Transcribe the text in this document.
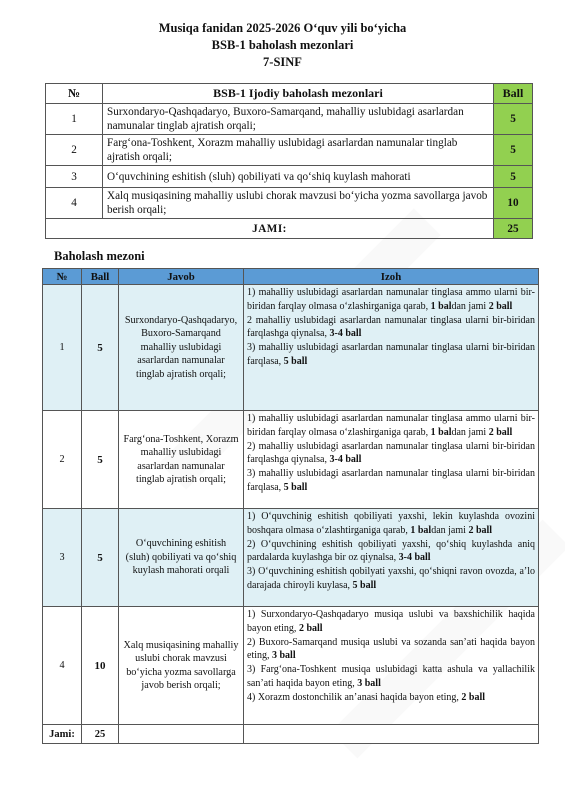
Musiqa fanidan 2025-2026 Oʻquv yili boʻyicha
BSB-1 baholash mezonlari
7-SINF
№	BSB-1 Ijodiy baholash mezonlari	Ball
1	Surxondaryo-Qashqadaryo, Buxoro-Samarqand, mahalliy uslubidagi asarlardan namunalar tinglab ajratish orqali;	5
2	Fargʻona-Toshkent, Xorazm mahalliy uslubidagi asarlardan namunalar tinglab ajratish orqali;	5
3	Oʻquvchining eshitish (sluh) qobiliyati va qoʻshiq kuylash mahorati	5
4	Xalq musiqasining mahalliy uslubi chorak mavzusi boʻyicha yozma savollarga javob berish orqali;	10
JAMI:		25
Baholash mezoni
№	Ball	Javob	Izoh
1	5	Surxondaryo-Qashqadaryo, Buxoro-Samarqand mahalliy uslubidagi asarlardan namunalar tinglab ajratish orqali;	1) mahalliy uslubidagi asarlardan namunalar tinglasa ammo ularni bir-biridan farqlay olmasa oʻzlashirganiga qarab, 1 baldan jami 2 ball
2 mahalliy uslubidagi asarlardan namunalar tinglasa ularni bir-biridan farqlashga qiynalsa, 3-4 ball
3) mahalliy uslubidagi asarlardan namunalar tinglasa ularni bir-biridan farqlasa, 5 ball

2	5	Fargʻona-Toshkent, Xorazm mahalliy uslubidagi asarlardan namunalar tinglab ajratish orqali;	1) mahalliy uslubidagi asarlardan namunalar tinglasa ammo ularni bir-biridan farqlay olmasa oʻzlashirganiga qarab, 1 baldan jami 2 ball
2) mahalliy uslubidagi asarlardan namunalar tinglasa ularni bir-biridan farqlashga qiynalsa, 3-4 ball
3) mahalliy uslubidagi asarlardan namunalar tinglasa ularni bir-biridan farqlasa, 5 ball

3	5	Oʻquvchining eshitish (sluh) qobiliyati va qoʻshiq kuylash mahorati orqali	1) Oʻquvchinig eshitish qobiliyati yaxshi, lekin kuylashda ovozini boshqara olmasa oʻzlashtirganiga qarab, 1 baldan jami 2 ball
2) Oʻquvchining eshitish qobiliyati yaxshi, qoʻshiq kuylashda aniq pardalarda kuylashga bir oz qiynalsa, 3-4 ball
3) Oʻquvchining eshitish qobilyati yaxshi, qoʻshiqni ravon ovozda, a’lo darajada chiroyli kuylasa, 5 ball

4	10	Xalq musiqasining mahalliy uslubi chorak mavzusi boʻyicha yozma savollarga javob berish orqali;	1) Surxondaryo-Qashqadaryo musiqa uslubi va baxshichilik haqida bayon eting, 2 ball
2) Buxoro-Samarqand musiqa uslubi va sozanda san’ati haqida bayon eting, 3 ball
3) Fargʻona-Toshkent musiqa uslubidagi katta ashula va yallachilik san’ati haqida bayon eting, 3 ball
4) Xorazm dostonchilik an’anasi haqida bayon eting, 2 ball

Jami:	25		
